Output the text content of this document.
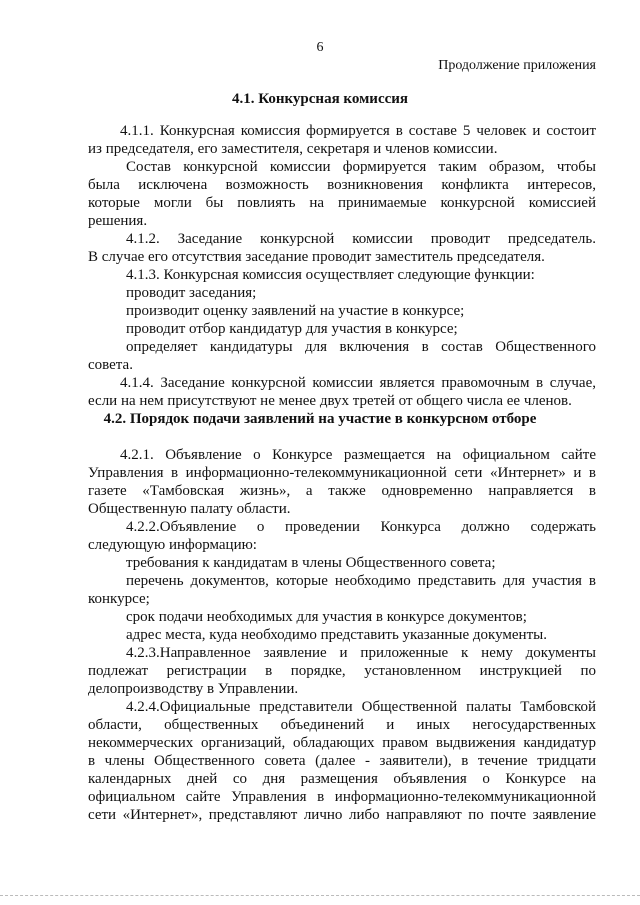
6
Продолжение приложения
4.1. Конкурсная комиссия

4.1.1. Конкурсная комиссия формируется в составе 5 человек и состоит

из председателя, его заместителя, секретаря и членов комиссии.

Состав конкурсной комиссии формируется таким образом, чтобы

была исключена возможность возникновения конфликта интересов,

которые могли бы повлиять на принимаемые конкурсной комиссией

решения.

4.1.2. Заседание конкурсной комиссии проводит председатель.

В случае его отсутствия заседание проводит заместитель председателя.

4.1.3. Конкурсная комиссия осуществляет следующие функции:

проводит заседания;

производит оценку заявлений на участие в конкурсе;

проводит отбор кандидатур для участия в конкурсе;

определяет кандидатуры для включения в состав Общественного

совета.

4.1.4. Заседание конкурсной комиссии является правомочным в случае,

если на нем присутствуют не менее двух третей от общего числа ее членов.

4.2. Порядок подачи заявлений на участие в конкурсном отборе

4.2.1. Объявление о Конкурсе размещается на официальном сайте

Управления в информационно-телекоммуникационной сети «Интернет» и в

газете «Тамбовская жизнь», а также одновременно направляется в

Общественную палату области.

4.2.2.Объявление о проведении Конкурса должно содержать

следующую информацию:

требования к кандидатам в члены Общественного совета;

перечень документов, которые необходимо представить для участия в

конкурсе;

срок подачи необходимых для участия в конкурсе документов;

адрес места, куда необходимо представить указанные документы.

4.2.3.Направленное заявление и приложенные к нему документы

подлежат регистрации в порядке, установленном инструкцией по

делопроизводству в Управлении.

4.2.4.Официальные представители Общественной палаты Тамбовской

области, общественных объединений и иных негосударственных

некоммерческих организаций, обладающих правом выдвижения кандидатур

в члены Общественного совета (далее - заявители), в течение тридцати

календарных дней со дня размещения объявления о Конкурсе на

официальном сайте Управления в информационно-телекоммуникационной

сети «Интернет», представляют лично либо направляют по почте заявление
